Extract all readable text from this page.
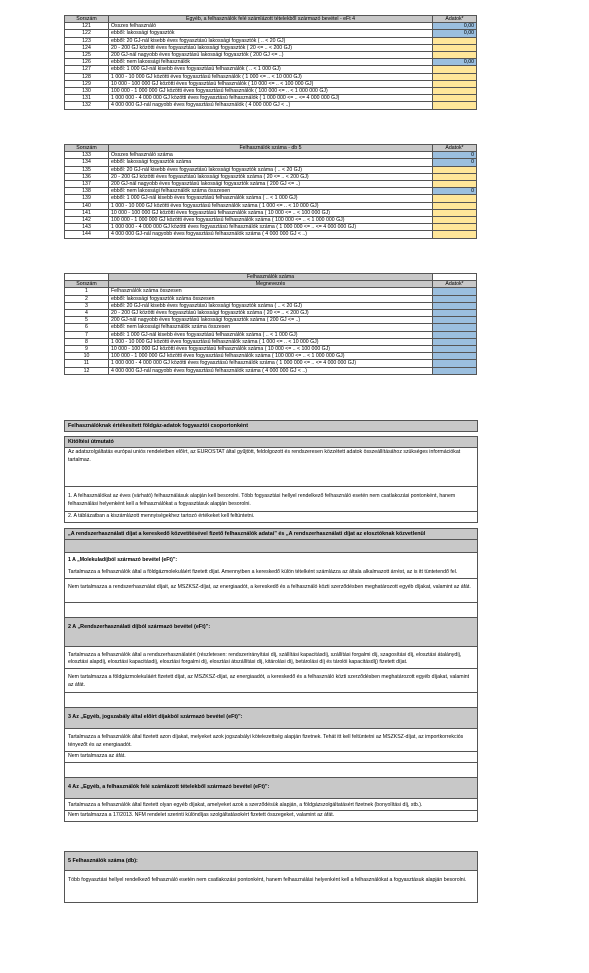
Sorszám	Egyéb, a felhasználók felé számlázott tételekből származó bevétel - eFt 4	Adatok*
121	Összes felhasználó	0,00
122	ebből: lakossági fogyasztók	0,00
123	ebből: 20 GJ-nál kisebb éves fogyasztású lakossági fogyasztók ( .. < 20 GJ)	
124	20 - 200 GJ közötti éves fogyasztású lakossági fogyasztók ( 20 <= .. < 200 GJ)	
125	200 GJ-nál nagyobb éves fogyasztású lakossági fogyasztók ( 200 GJ <= ..)	
126	ebből: nem lakossági felhasználók	0,00
127	ebből: 1 000 GJ-nál kisebb éves fogyasztású felhasználók ( .. < 1 000 GJ)	
128	1 000 - 10 000 GJ közötti éves fogyasztású felhasználók ( 1 000 <= .. < 10 000 GJ)	
129	10 000 - 100 000 GJ közötti éves fogyasztású felhasználók ( 10 000 <= .. < 100 000 GJ)	
130	100 000 - 1 000 000 GJ közötti éves fogyasztású felhasználók ( 100 000 <= .. < 1 000 000 GJ)	
131	1 000 000 - 4 000 000 GJ közötti éves fogyasztású felhasználók ( 1 000 000 <= .. <= 4 000 000 GJ)	
132	4 000 000 GJ-nál nagyobb éves fogyasztású felhasználók ( 4 000 000 GJ < ..)	
Sorszám	Felhasználók száma - db 5	Adatok*
133	Összes felhasználó száma	0
134	ebből: lakossági fogyasztók száma	0
135	ebből: 20 GJ-nál kisebb éves fogyasztású lakossági fogyasztók száma ( .. < 20 GJ)	
136	20 - 200 GJ közötti éves fogyasztású lakossági fogyasztók száma ( 20 <= .. < 200 GJ)	
137	200 GJ-nál nagyobb éves fogyasztású lakossági fogyasztók száma ( 200 GJ <= ..)	
138	ebből: nem lakossági felhasználók száma összesen	0
139	ebből: 1 000 GJ-nál kisebb éves fogyasztású felhasználók száma ( .. < 1 000 GJ)	
140	1 000 - 10 000 GJ közötti éves fogyasztású felhasználók száma ( 1 000 <= .. < 10 000 GJ)	
141	10 000 - 100 000 GJ közötti éves fogyasztású felhasználók száma ( 10 000 <= .. < 100 000 GJ)	
142	100 000 - 1 000 000 GJ közötti éves fogyasztású felhasználók száma ( 100 000 <= .. < 1 000 000 GJ)	
143	1 000 000 - 4 000 000 GJ közötti éves fogyasztású felhasználók száma ( 1 000 000 <= .. <= 4 000 000 GJ)	
144	4 000 000 GJ-nál nagyobb éves fogyasztású felhasználók száma ( 4 000 000 GJ < ..)	
	Felhasználók száma	
Sorszám	Megnevezés	Adatok*
1	Felhasználók száma összesen	
2	ebből: lakossági fogyasztók száma összesen	
3	ebből: 20 GJ-nál kisebb éves fogyasztású lakossági fogyasztók száma ( .. < 20 GJ)	
4	20 - 200 GJ közötti éves fogyasztású lakossági fogyasztók száma ( 20 <= .. < 200 GJ)	
5	200 GJ-nál nagyobb éves fogyasztású lakossági fogyasztók száma ( 200 GJ <= ..)	
6	ebből: nem lakossági felhasználók száma összesen	
7	ebből: 1 000 GJ-nál kisebb éves fogyasztású felhasználók száma ( .. < 1 000 GJ)	
8	1 000 - 10 000 GJ közötti éves fogyasztású felhasználók száma ( 1 000 <= .. < 10 000 GJ)	
9	10 000 - 100 000 GJ közötti éves fogyasztású felhasználók száma ( 10 000 <= .. < 100 000 GJ)	
10	100 000 - 1 000 000 GJ közötti éves fogyasztású felhasználók száma ( 100 000 <= .. < 1 000 000 GJ)	
11	1 000 000 - 4 000 000 GJ közötti éves fogyasztású felhasználók száma ( 1 000 000 <= .. <= 4 000 000 GJ)	
12	4 000 000 GJ-nál nagyobb éves fogyasztású felhasználók száma ( 4 000 000 GJ < ..)	
Felhasználóknak értékesített földgáz-adatok fogyasztói csoportonként
Kitöltési útmutató
Az adatszolgáltatás európai uniós rendeletben előírt, az EUROSTAT által gyűjtött, feldolgozott és rendszeresen közzétett adatok összeállításához szükséges információkat tartalmaz.
1. A felhasználókat az éves (várható) felhasználásuk alapján kell besorolni. Több fogyasztási hellyel rendelkező felhasználó esetén nem csatlakozási pontonként, hanem felhasználási helyenként kell a felhasználókat a fogyasztásuk alapján besorolni.
2. A táblázatban a kiszámlázott mennyiségekhez tartozó értékeket kell feltüntetni.
„A rendszerhasználati díjat a kereskedő közvetítésével fizető felhasználók adatai” és „A rendszerhasználati díjat az elosztóknak közvetlenül
1 A „Molekuladíjból származó bevétel (eFt)”:
Tartalmazza a felhasználók által a földgázmolekuláért fizetett díjat. Amennyiben a kereskedő külön tételként számlázza az általa alkalmazott árrést, az is itt tüntetendő fel.
Nem tartalmazza a rendszerhasználat díjait, az MSZKSZ-díjat, az energiaadót, a kereskedő és a felhasználó közti szerződésben meghatározott egyéb díjakat, valamint az áfát.
2 A „Rendszerhasználati díjból származó bevétel (eFt)”:
Tartalmazza a felhasználók által a rendszerhasználatért (részletesen: rendszerirányítási díj, szállítási kapacitásdíj, szállítási forgalmi díj, szagosítási díj, elosztási átalánydíj, elosztási alapdíj, elosztási kapacitásdíj, elosztási forgalmi díj, elosztási átszállítási díj, kitárolási díj, betárolási díj és tárolói kapacitásdíj) fizetett díjat.
Nem tartalmazza a földgázmolekuláért fizetett díjat, az MSZKSZ-díjat, az energiaadót, a kereskedő és a felhasználó közti szerződésben meghatározott egyéb díjakat, valamint az áfát.
3 Az „Egyéb, jogszabály által előírt díjakból származó bevétel (eFt)”:
Tartalmazza a felhasználók által fizetett azon díjakat, melyeket azok jogszabályi kötelezettség alapján fizetnek. Tehát itt kell feltüntetni az MSZKSZ-díjat, az importkorrekciós tényezőt és az energiaadót.
Nem tartalmazza az áfát.
4 Az „Egyéb, a felhasználók felé számlázott tételekből származó bevétel (eFt)”:
Tartalmazza a felhasználók által fizetett olyan egyéb díjakat, amelyeket azok a szerződésük alapján, a földgázszolgáltatásért fizetnek (bonyolítási díj, stb.).
Nem tartalmazza a 17/2013. NFM rendelet szerinti különdíjas szolgáltatásokért fizetett összegeket, valamint az áfát.
5 Felhasználók száma (db):
Több fogyasztási hellyel rendelkező felhasználó esetén nem csatlakozási pontonként, hanem felhasználási helyenként kell a felhasználókat a fogyasztásuk alapján besorolni.
